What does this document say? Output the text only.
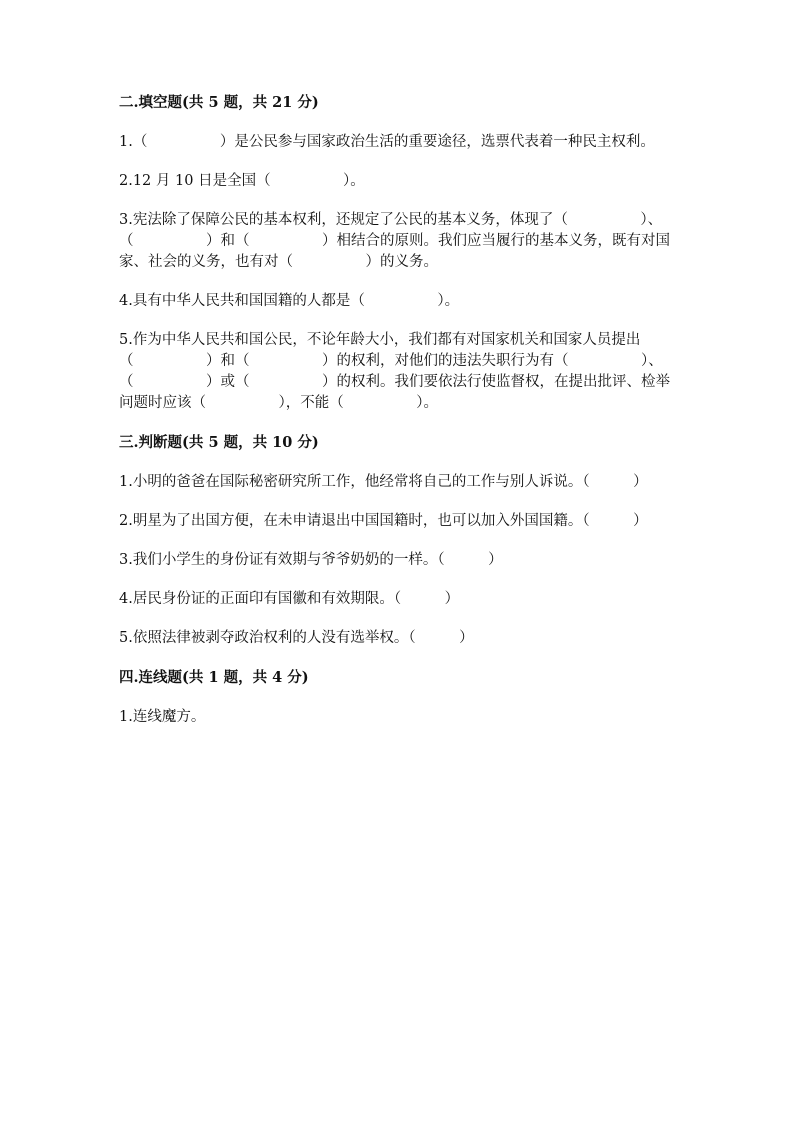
二.填空题(共 5 题，共 21 分)

1.（　　　　　）是公民参与国家政治生活的重要途径，选票代表着一种民主权利。

2.12 月 10 日是全国（　　　　　）。

3.宪法除了保障公民的基本权利，还规定了公民的基本义务，体现了（　　　　　）、（　　　　　）和（　　　　　）相结合的原则。我们应当履行的基本义务，既有对国家、社会的义务，也有对（　　　　　）的义务。

4.具有中华人民共和国国籍的人都是（　　　　　）。

5.作为中华人民共和国公民，不论年龄大小，我们都有对国家机关和国家人员提出（　　　　　）和（　　　　　）的权利，对他们的违法失职行为有（　　　　　）、（　　　　　）或（　　　　　）的权利。我们要依法行使监督权，在提出批评、检举问题时应该（　　　　　），不能（　　　　　）。

三.判断题(共 5 题，共 10 分)

1.小明的爸爸在国际秘密研究所工作，他经常将自己的工作与别人诉说。（　　　）

2.明星为了出国方便，在未申请退出中国国籍时，也可以加入外国国籍。（　　　）

3.我们小学生的身份证有效期与爷爷奶奶的一样。（　　　）

4.居民身份证的正面印有国徽和有效期限。（　　　）

5.依照法律被剥夺政治权利的人没有选举权。（　　　）

四.连线题(共 1 题，共 4 分)

1.连线魔方。
